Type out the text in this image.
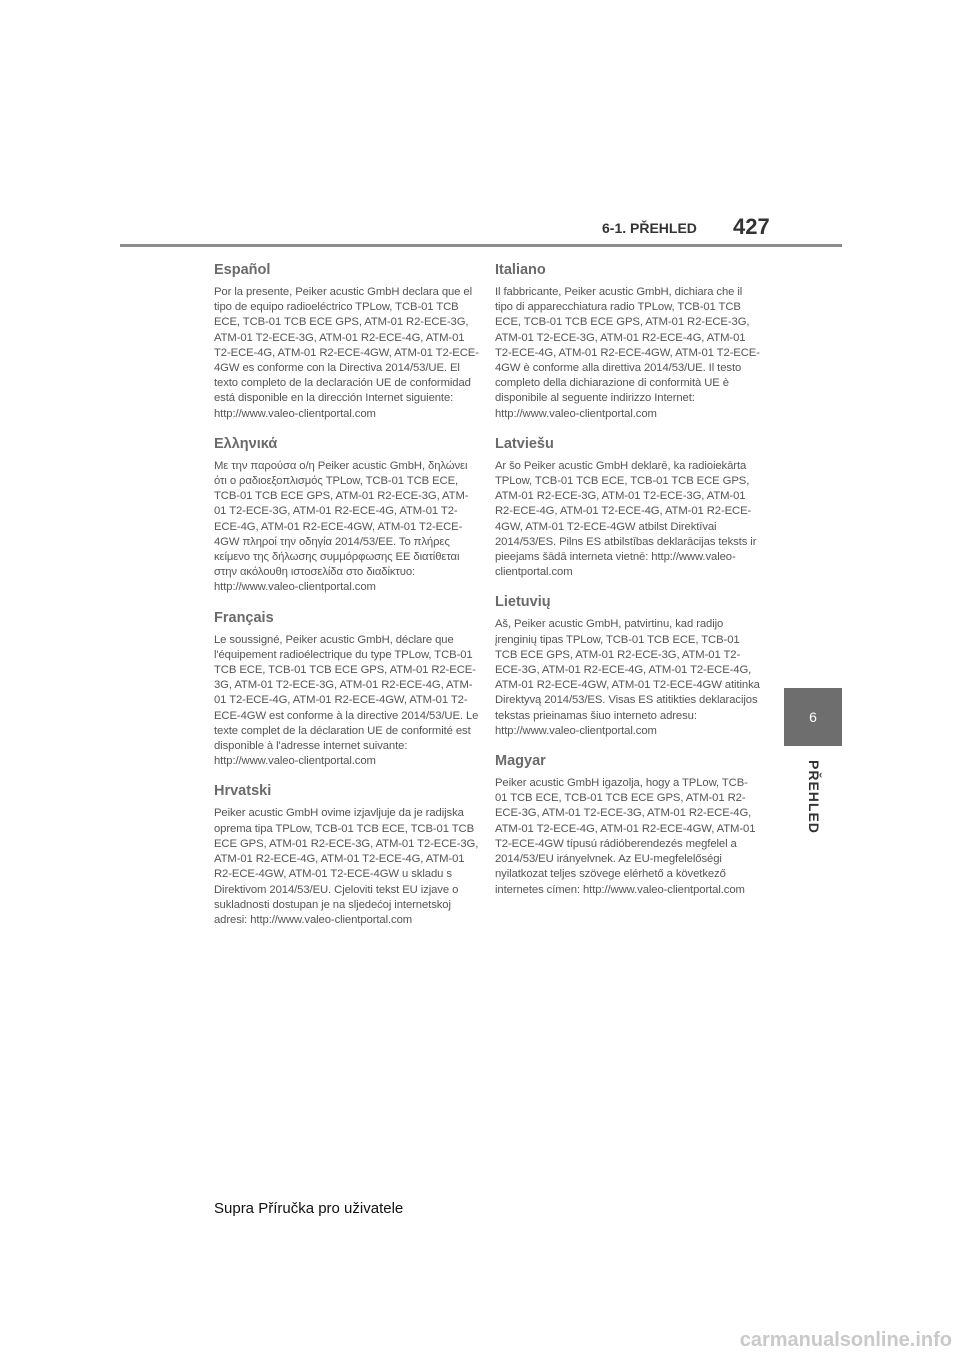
6-1. PŘEHLED 427
6
PŘEHLED
Español

Por la presente, Peiker acustic GmbH declara que el tipo de equipo radioeléctrico TPLow, TCB-01 TCB ECE, TCB-01 TCB ECE GPS, ATM-01 R2-ECE-3G, ATM-01 T2-ECE-3G, ATM-01 R2-ECE-4G, ATM-01 T2-ECE-4G, ATM-01 R2-ECE-4GW, ATM-01 T2-ECE-4GW es conforme con la Directiva 2014/53/UE. El texto completo de la declaración UE de conformidad está disponible en la dirección Internet siguiente: http://www.valeo-clientportal.com

Ελληνικά

Με την παρούσα ο/η Peiker acustic GmbH, δηλώνει ότι ο ραδιοεξοπλισμός TPLow, TCB-01 TCB ECE, TCB-01 TCB ECE GPS, ATM-01 R2-ECE-3G, ATM-01 T2-ECE-3G, ATM-01 R2-ECE-4G, ATM-01 T2-ECE-4G, ATM-01 R2-ECE-4GW, ATM-01 T2-ECE-4GW πληροί την οδηγία 2014/53/ΕΕ. Το πλήρες κείμενο της δήλωσης συμμόρφωσης ΕΕ διατίθεται στην ακόλουθη ιστοσελίδα στο διαδίκτυο: http://www.valeo-clientportal.com

Français

Le soussigné, Peiker acustic GmbH, déclare que l'équipement radioélectrique du type TPLow, TCB-01 TCB ECE, TCB-01 TCB ECE GPS, ATM-01 R2-ECE-3G, ATM-01 T2-ECE-3G, ATM-01 R2-ECE-4G, ATM-01 T2-ECE-4G, ATM-01 R2-ECE-4GW, ATM-01 T2-ECE-4GW est conforme à la directive 2014/53/UE. Le texte complet de la déclaration UE de conformité est disponible à l'adresse internet suivante: http://www.valeo-clientportal.com

Hrvatski

Peiker acustic GmbH ovime izjavljuje da je radijska oprema tipa TPLow, TCB-01 TCB ECE, TCB-01 TCB ECE GPS, ATM-01 R2-ECE-3G, ATM-01 T2-ECE-3G, ATM-01 R2-ECE-4G, ATM-01 T2-ECE-4G, ATM-01 R2-ECE-4GW, ATM-01 T2-ECE-4GW u skladu s Direktivom 2014/53/EU. Cjeloviti tekst EU izjave o sukladnosti dostupan je na sljedećoj internetskoj adresi: http://www.valeo-clientportal.com

Italiano

Il fabbricante, Peiker acustic GmbH, dichiara che il tipo di apparecchiatura radio TPLow, TCB-01 TCB ECE, TCB-01 TCB ECE GPS, ATM-01 R2-ECE-3G, ATM-01 T2-ECE-3G, ATM-01 R2-ECE-4G, ATM-01 T2-ECE-4G, ATM-01 R2-ECE-4GW, ATM-01 T2-ECE-4GW è conforme alla direttiva 2014/53/UE. Il testo completo della dichiarazione di conformità UE è disponibile al seguente indirizzo Internet: http://www.valeo-clientportal.com

Latviešu

Ar šo Peiker acustic GmbH deklarē, ka radioiekārta TPLow, TCB-01 TCB ECE, TCB-01 TCB ECE GPS, ATM-01 R2-ECE-3G, ATM-01 T2-ECE-3G, ATM-01 R2-ECE-4G, ATM-01 T2-ECE-4G, ATM-01 R2-ECE-4GW, ATM-01 T2-ECE-4GW atbilst Direktīvai 2014/53/ES. Pilns ES atbilstības deklarācijas teksts ir pieejams šādā interneta vietnē: http://www.valeo-clientportal.com

Lietuvių

Aš, Peiker acustic GmbH, patvirtinu, kad radijo įrenginių tipas TPLow, TCB-01 TCB ECE, TCB-01 TCB ECE GPS, ATM-01 R2-ECE-3G, ATM-01 T2-ECE-3G, ATM-01 R2-ECE-4G, ATM-01 T2-ECE-4G, ATM-01 R2-ECE-4GW, ATM-01 T2-ECE-4GW atitinka Direktyvą 2014/53/ES. Visas ES atitikties deklaracijos tekstas prieinamas šiuo interneto adresu: http://www.valeo-clientportal.com

Magyar

Peiker acustic GmbH igazolja, hogy a TPLow, TCB-01 TCB ECE, TCB-01 TCB ECE GPS, ATM-01 R2-ECE-3G, ATM-01 T2-ECE-3G, ATM-01 R2-ECE-4G, ATM-01 T2-ECE-4G, ATM-01 R2-ECE-4GW, ATM-01 T2-ECE-4GW típusú rádióberendezés megfelel a 2014/53/EU irányelvnek. Az EU-megfelelőségi nyilatkozat teljes szövege elérhető a következő internetes címen: http://www.valeo-clientportal.com

Supra Příručka pro uživatele
carmanualsonline.info
